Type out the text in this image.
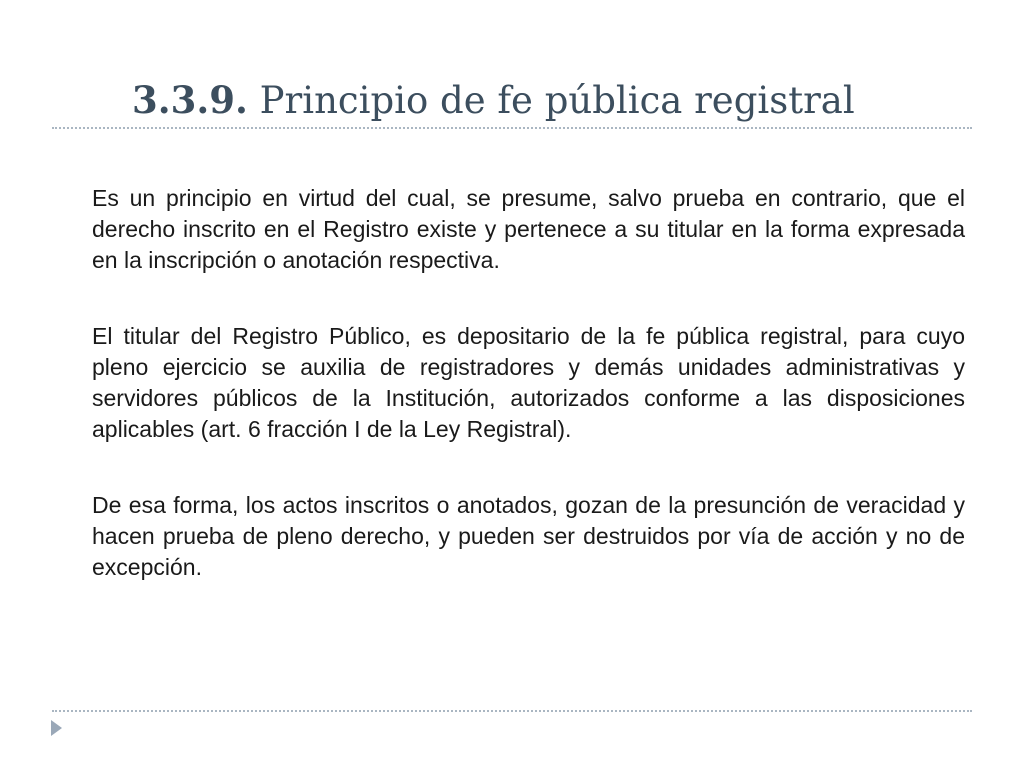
3.3.9. Principio de fe pública registral

Es un principio en virtud del cual, se presume, salvo prueba en contrario, que el derecho inscrito en el Registro existe y pertenece a su titular en la forma expresada en la inscripción o anotación respectiva.

El titular del Registro Público, es depositario de la fe pública registral, para cuyo pleno ejercicio se auxilia de registradores y demás unidades administrativas y servidores públicos de la Institución, autorizados conforme a las disposiciones aplicables (art. 6 fracción I de la Ley Registral).

De esa forma, los actos inscritos o anotados, gozan de la presunción de veracidad y hacen prueba de pleno derecho, y pueden ser destruidos por vía de acción y no de excepción.
